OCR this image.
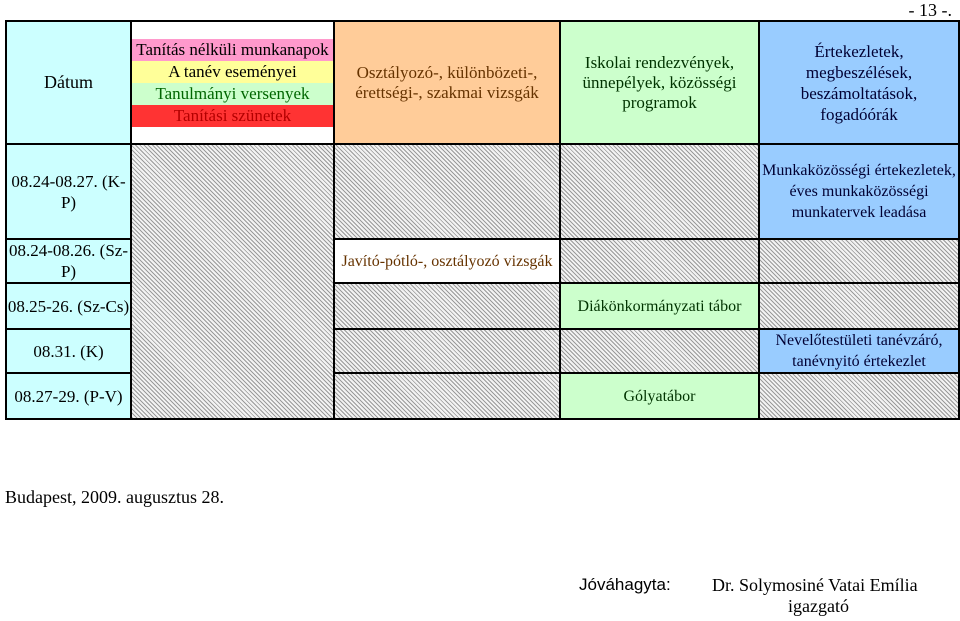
- 13 -.
Dátum	Tanítás nélküli munkanapok
A tanév eseményei
Tanulmányi versenyek
Tanítási szünetek	Osztályozó-, különbözeti-, érettségi-, szakmai vizsgák	Iskolai rendezvények, ünnepélyek, közösségi programok	Értekezletek, megbeszélések, beszámoltatások, fogadóórák
08.24-08.27. (K-P)				Munkaközösségi értekezletek, éves munkaközösségi munkatervek leadása
08.24-08.26. (Sz-P)		Javító-pótló-, osztályozó vizsgák		
08.25-26. (Sz-Cs)			Diákönkormányzati tábor	
08.31. (K)				Nevelőtestületi tanévzáró, tanévnyitó értekezlet
08.27-29. (P-V)			Gólyatábor	
Budapest, 2009. augusztus 28.
Jóváhagyta: Dr. Solymosiné Vatai Emília
igazgató
